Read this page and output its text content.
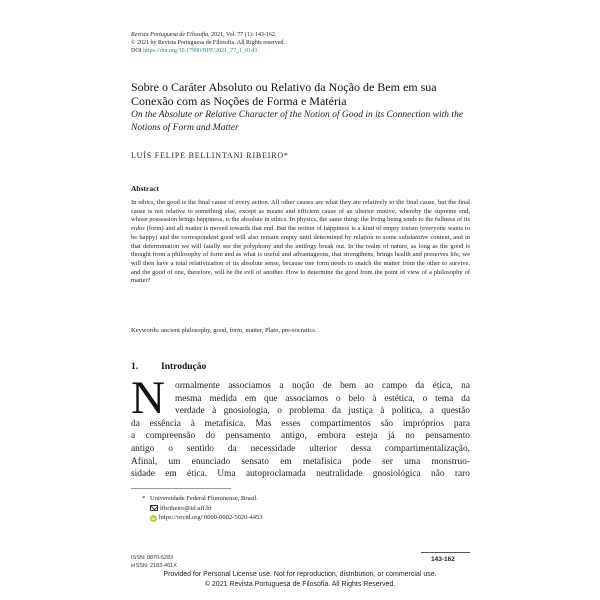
Revista Portuguesa de Filosofia, 2021, Vol. 77 (1): 143-162.
© 2021 by Revista Portuguesa de Filosofia. All Rights reserved.
DOI https://doi.org/10.17990/RPF/2021_77_1_0143
Sobre o Caráter Absoluto ou Relativo da Noção de Bem em sua Conexão com as Noções de Forma e Matéria
On the Absolute or Relative Character of the Notion of Good in its Connection with the Notions of Form and Matter
LUÍS FELIPE BELLINTANI RIBEIRO*
Abstract
In ethics, the good is the final cause of every action. All other causes are what they are relatively to the final cause, but the final cause is not relative to something else, except as means and efficient cause of an ulterior motive, whereby the supreme end, whose possession brings happiness, is the absolute in ethics. In physics, the same thing: the living being tends to the fullness of its eidos (form) and all matter is moved towards that end. But the notion of happiness is a kind of empty truism (everyone wants to be happy) and the correspondent good will also remain empty until determined by relation to some substantive content, and in that determination we will fatally see the polyphony and the antilogy break out. In the realm of nature, as long as the good is thought from a philosophy of form and as what is useful and advantageous, that strengthens, brings health and preserves life, we will then have a total relativization of its absolute sense, because one form needs to snatch the matter from the other to survive, and the good of one, therefore, will be the evil of another. How to determine the good from the point of view of a philosophy of matter?
Keywords: ancient philosophy, good, form, matter, Plato, pre-socratics.
1. Introdução
N	ormalmente associamos a noção de bem ao campo da ética, na
mesma medida em que associamos o belo à estética, o tema da
verdade à gnosiologia, o problema da justiça à política, a questão
da essência à metafísica. Mas esses compartimentos são impróprios para
a compreensão do pensamento antigo, embora esteja já no pensamento
antigo o sentido da necessidade ulterior dessa compartimentalização.
Afinal, um enunciado sensato em metafísica pode ser uma monstruo-
sidade em ética. Uma autoproclamada neutralidade gnosiológica não raro
* Universidade Federal Fluminense, Brasil.
lfbribeiro@id.uff.br
iD https://orcid.org/ 0000-0002-5020-4453
ISSN: 0870-5283
eISSN: 2183-461X
143-162
Provided for Personal License use. Not for reproduction, distribution, or commercial use.
© 2021 Revista Portuguesa de Filosofia. All Rights Reserved.
